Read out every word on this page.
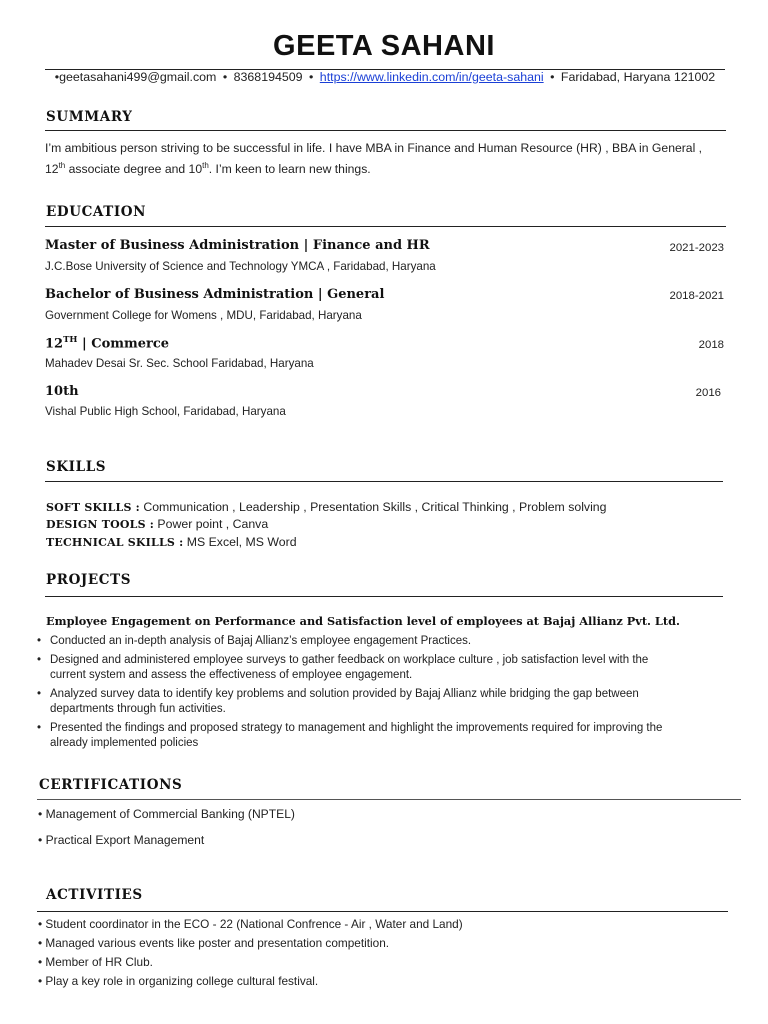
GEETA SAHANI
•geetasahani499@gmail.com • 8368194509 • https://www.linkedin.com/in/geeta-sahani • Faridabad, Haryana 121002
SUMMARY
I’m ambitious person striving to be successful in life. I have MBA in Finance and Human Resource (HR) , BBA in General ,
12th associate degree and 10th. I’m keen to learn new things.
EDUCATION
Master of Business Administration | Finance and HR	2021-2023
J.C.Bose University of Science and Technology YMCA , Faridabad, Haryana
Bachelor of Business Administration | General	2018-2021
Government College for Womens , MDU, Faridabad, Haryana
12TH | Commerce	2018
Mahadev Desai Sr. Sec. School Faridabad, Haryana
10th	2016
Vishal Public High School, Faridabad, Haryana
SKILLS
SOFT SKILLS : Communication , Leadership , Presentation Skills , Critical Thinking , Problem solving
DESIGN TOOLS : Power point , Canva
TECHNICAL SKILLS : MS Excel, MS Word
PROJECTS
Employee Engagement on Performance and Satisfaction level of employees at Bajaj Allianz Pvt. Ltd.
• Conducted an in-depth analysis of Bajaj Allianz’s employee engagement Practices.
• Designed and administered employee surveys to gather feedback on workplace culture , job satisfaction level with the
current system and assess the effectiveness of employee engagement.
• Analyzed survey data to identify key problems and solution provided by Bajaj Allianz while bridging the gap between
departments through fun activities.
• Presented the findings and proposed strategy to management and highlight the improvements required for improving the
already implemented policies
CERTIFICATIONS
• Management of Commercial Banking (NPTEL)
• Practical Export Management
ACTIVITIES
• Student coordinator in the ECO - 22 (National Confrence - Air , Water and Land)
• Managed various events like poster and presentation competition.
• Member of HR Club.
• Play a key role in organizing college cultural festival.
